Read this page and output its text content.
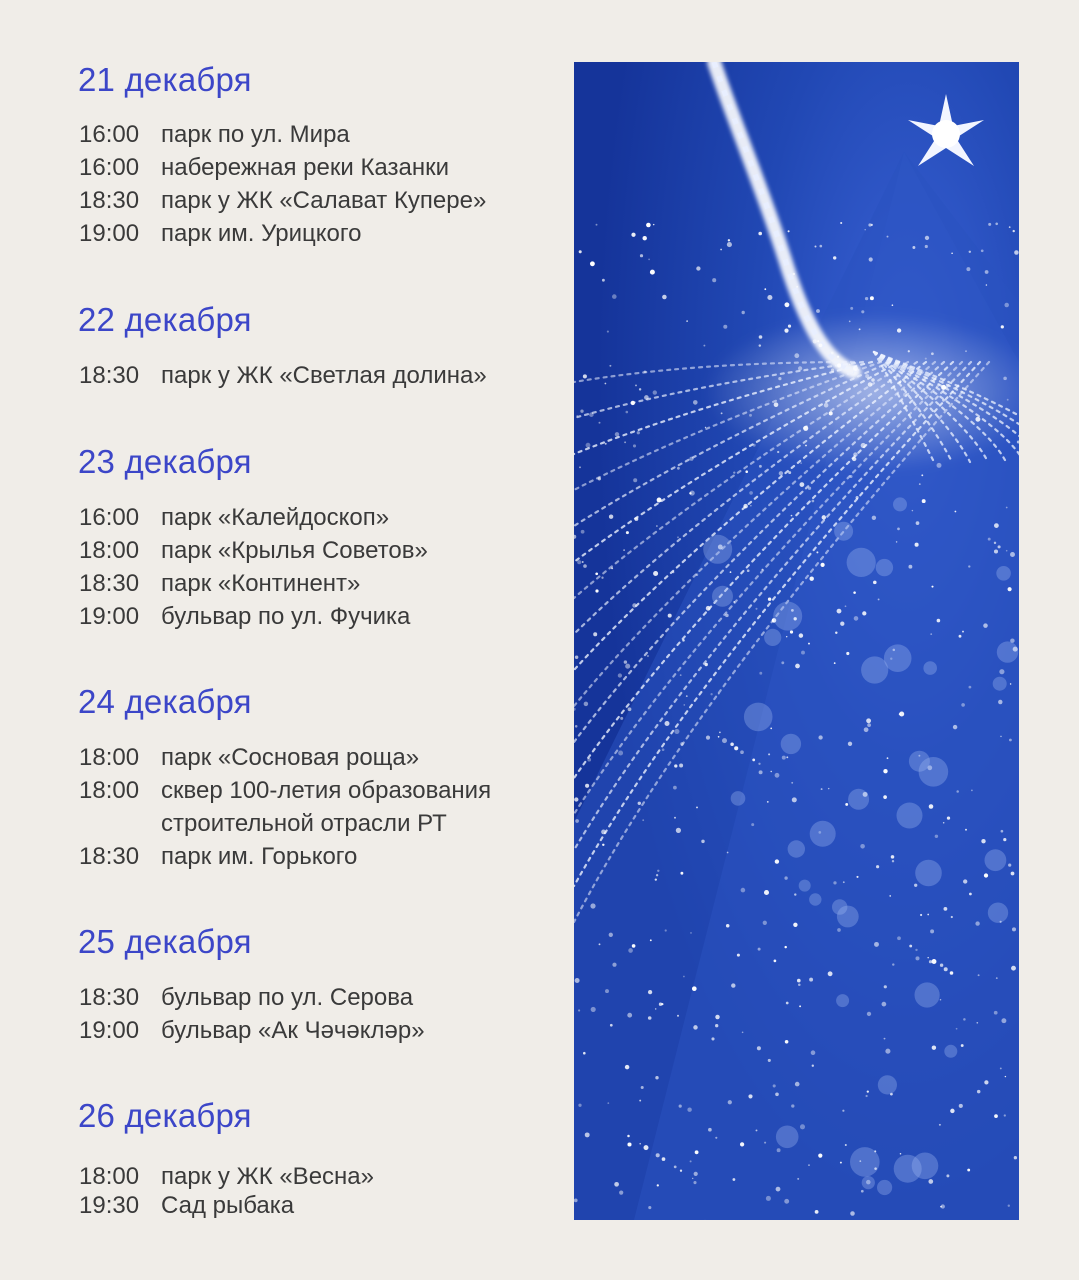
21 декабря
16:00 парк по ул. Мира
16:00 набережная реки Казанки
18:30 парк у ЖК «Салават Купере»
19:00 парк им. Урицкого
22 декабря
18:30 парк у ЖК «Светлая долина»
23 декабря
16:00 парк «Калейдоскоп»
18:00 парк «Крылья Советов»
18:30 парк «Континент»
19:00 бульвар по ул. Фучика
24 декабря
18:00 парк «Сосновая роща»
18:00 сквер 100-летия образования строительной отрасли РТ
18:30 парк им. Горького
25 декабря
18:30 бульвар по ул. Серова
19:00 бульвар «Ак Чәчәкләр»
26 декабря
18:00 парк у ЖК «Весна»
19:30 Сад рыбака
